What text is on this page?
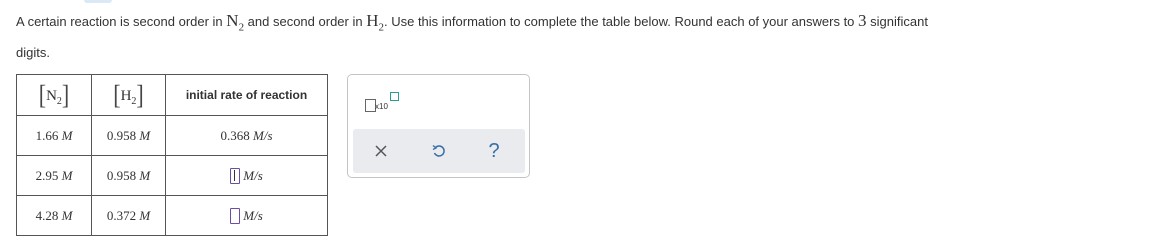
A certain reaction is second order in $N_2$ and second order in $H_2$. Use this information to complete the table below. Round each of your answers to 3 significant
digits.
$[N_2]$	$[H_2]$	initial rate of reaction
1.66 M	0.958 M	0.368 M/s
2.95 M	0.958 M	M/s
4.28 M	0.372 M	M/s
x10
?
